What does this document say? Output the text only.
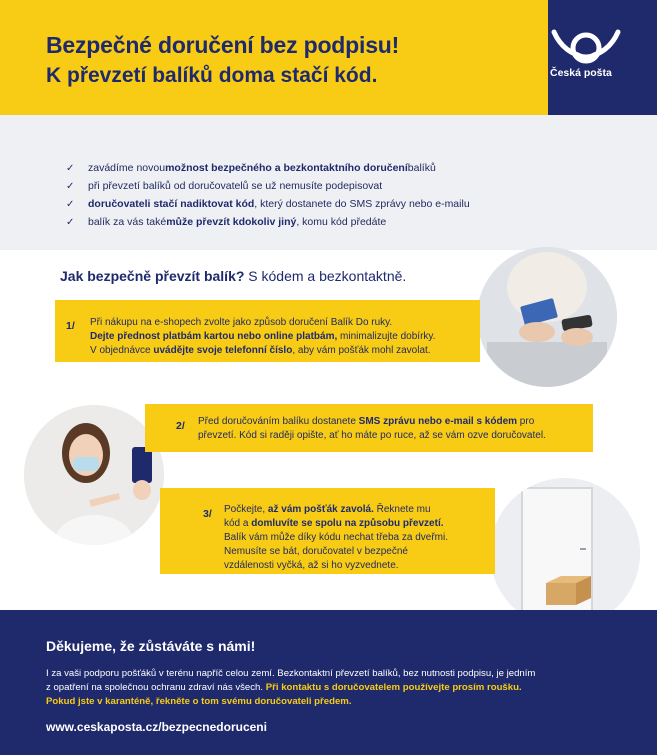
Bezpečné doručení bez podpisu!
K převzetí balíků doma stačí kód.	Česká pošta
✓	zavádíme novou možnost bezpečného a bezkontaktního doručení balíků
✓	při převzetí balíků od doručovatelů se už nemusíte podepisovat
✓	doručovateli stačí nadiktovat kód , který dostanete do SMS zprávy nebo e-mailu
✓	balík za vás také může převzít kdokoliv jiný , komu kód předáte
Jak bezpečně převzít balík? S kódem a bezkontaktně.
1/ Při nákupu na e-shopech zvolte jako způsob doručení Balík Do ruky.
Dejte přednost platbám kartou nebo online platbám, minimalizujte dobírky.
V objednávce uvádějte svoje telefonní číslo, aby vám pošťák mohl zavolat.
2/ Před doručováním balíku dostanete SMS zprávu nebo e-mail s kódem pro
převzetí. Kód si raději opište, ať ho máte po ruce, až se vám ozve doručovatel.
3/ Počkejte, až vám pošťák zavolá. Řeknete mu
kód a domluvíte se spolu na způsobu převzetí.
Balík vám může díky kódu nechat třeba za dveřmi.
Nemusíte se bát, doručovatel v bezpečné
vzdálenosti vyčká, až si ho vyzvednete.
Děkujeme, že zůstáváte s námi!
I za vaši podporu pošťáků v terénu napříč celou zemí. Bezkontaktní převzetí balíků, bez nutnosti podpisu, je jedním
z opatření na společnou ochranu zdraví nás všech. Při kontaktu s doručovatelem používejte prosím roušku.
Pokud jste v karanténě, řekněte o tom svému doručovateli předem.
www.ceskaposta.cz/bezpecnedoruceni
